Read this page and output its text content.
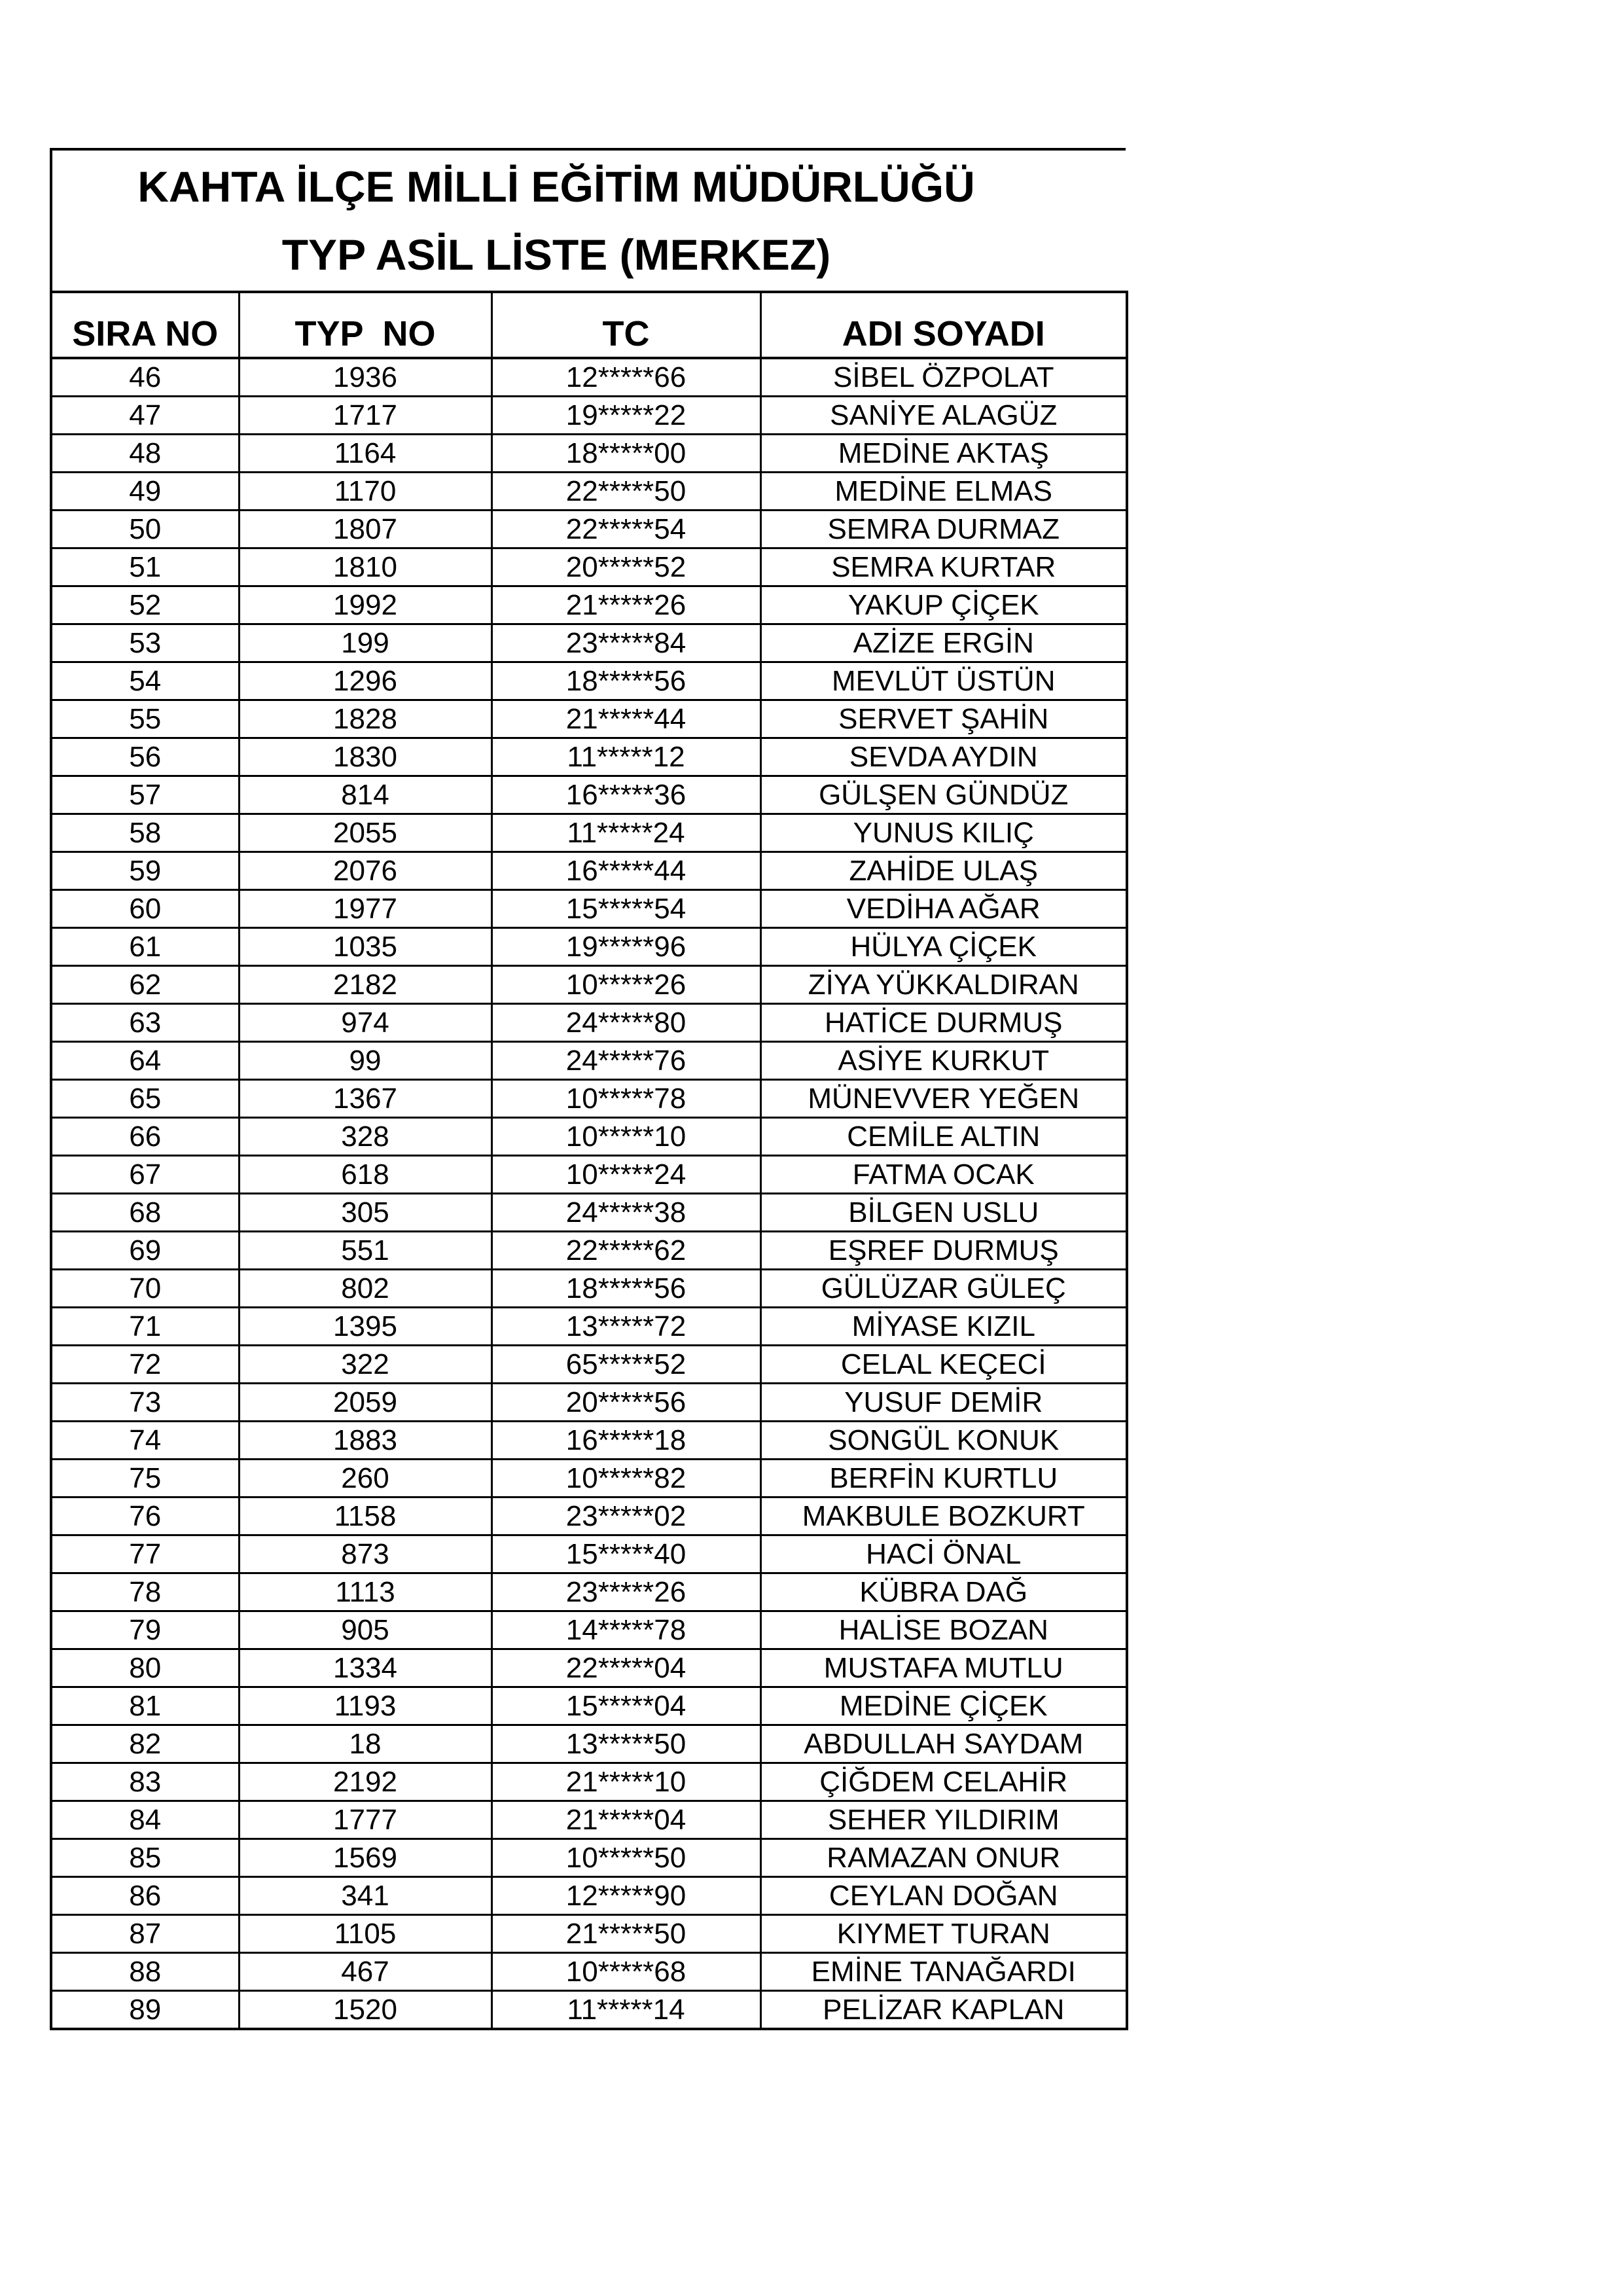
KAHTA İLÇE MİLLİ EĞİTİM MÜDÜRLÜĞÜ
TYP ASİL LİSTE (MERKEZ)
SIRA NO	TYP  NO	TC	ADI SOYADI
46	1936	12*****66	SİBEL ÖZPOLAT
47	1717	19*****22	SANİYE ALAGÜZ
48	1164	18*****00	MEDİNE AKTAŞ
49	1170	22*****50	MEDİNE ELMAS
50	1807	22*****54	SEMRA DURMAZ
51	1810	20*****52	SEMRA KURTAR
52	1992	21*****26	YAKUP ÇİÇEK
53	199	23*****84	AZİZE ERGİN
54	1296	18*****56	MEVLÜT ÜSTÜN
55	1828	21*****44	SERVET ŞAHİN
56	1830	11*****12	SEVDA AYDIN
57	814	16*****36	GÜLŞEN GÜNDÜZ
58	2055	11*****24	YUNUS KILIÇ
59	2076	16*****44	ZAHİDE ULAŞ
60	1977	15*****54	VEDİHA AĞAR
61	1035	19*****96	HÜLYA ÇİÇEK
62	2182	10*****26	ZİYA YÜKKALDIRAN
63	974	24*****80	HATİCE DURMUŞ
64	99	24*****76	ASİYE KURKUT
65	1367	10*****78	MÜNEVVER YEĞEN
66	328	10*****10	CEMİLE ALTIN
67	618	10*****24	FATMA OCAK
68	305	24*****38	BİLGEN USLU
69	551	22*****62	EŞREF DURMUŞ
70	802	18*****56	GÜLÜZAR GÜLEÇ
71	1395	13*****72	MİYASE KIZIL
72	322	65*****52	CELAL KEÇECİ
73	2059	20*****56	YUSUF DEMİR
74	1883	16*****18	SONGÜL KONUK
75	260	10*****82	BERFİN KURTLU
76	1158	23*****02	MAKBULE BOZKURT
77	873	15*****40	HACİ ÖNAL
78	1113	23*****26	KÜBRA DAĞ
79	905	14*****78	HALİSE BOZAN
80	1334	22*****04	MUSTAFA MUTLU
81	1193	15*****04	MEDİNE ÇİÇEK
82	18	13*****50	ABDULLAH SAYDAM
83	2192	21*****10	ÇİĞDEM CELAHİR
84	1777	21*****04	SEHER YILDIRIM
85	1569	10*****50	RAMAZAN ONUR
86	341	12*****90	CEYLAN DOĞAN
87	1105	21*****50	KIYMET TURAN
88	467	10*****68	EMİNE TANAĞARDI
89	1520	11*****14	PELİZAR KAPLAN
